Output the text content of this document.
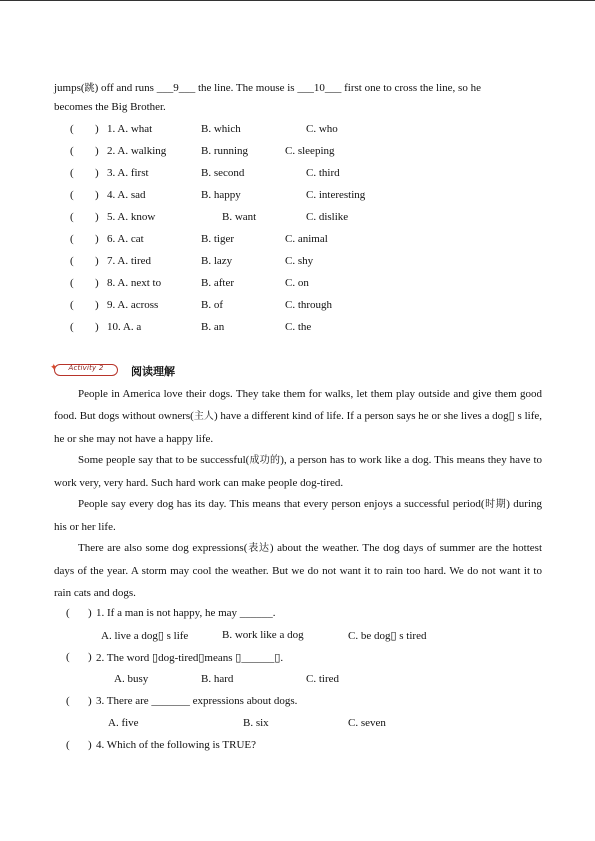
jumps(跳) off and runs ___9___ the line. The mouse is ___10___ first one to cross the line, so he
becomes the Big Brother.
( ) 1. A. what	B. which	C. who
( ) 2. A. walking	B. running	C. sleeping
( ) 3. A. first	B. second	C. third
( ) 4. A. sad	B. happy	C. interesting
( ) 5. A. know	B. want	C. dislike
( ) 6. A. cat	B. tiger	C. animal
( ) 7. A. tired	B. lazy	C. shy
( ) 8. A. next to	B. after	C. on
( ) 9. A. across	B. of	C. through
( ) 10. A. a	B. an	C. the
✦	Activity 2	阅读理解
People in America love their dogs. They take them for walks, let them play outside and give them good food. But dogs without owners(主人) have a different kind of life. If a person says he or she lives a dog▯ s life, he or she may not have a happy life.
Some people say that to be successful(成功的), a person has to work like a dog. This means they have to work very, very hard. Such hard work can make people dog-tired.
People say every dog has its day. This means that every person enjoys a successful period(时期) during his or her life.
There are also some dog expressions(表达) about the weather. The dog days of summer are the hottest days of the year. A storm may cool the weather. But we do not want it to rain too hard. We do not want it to rain cats and dogs.
( ) 1. If a man is not happy, he may ______.
A. live a dog▯ s life	B. work like a dog	C. be dog▯ s tired
( ) 2. The word ▯dog-tired▯means ▯______▯.
A. busy	B. hard	C. tired
( ) 3. There are _______ expressions about dogs.
A. five	B. six	C. seven
( ) 4. Which of the following is TRUE?
